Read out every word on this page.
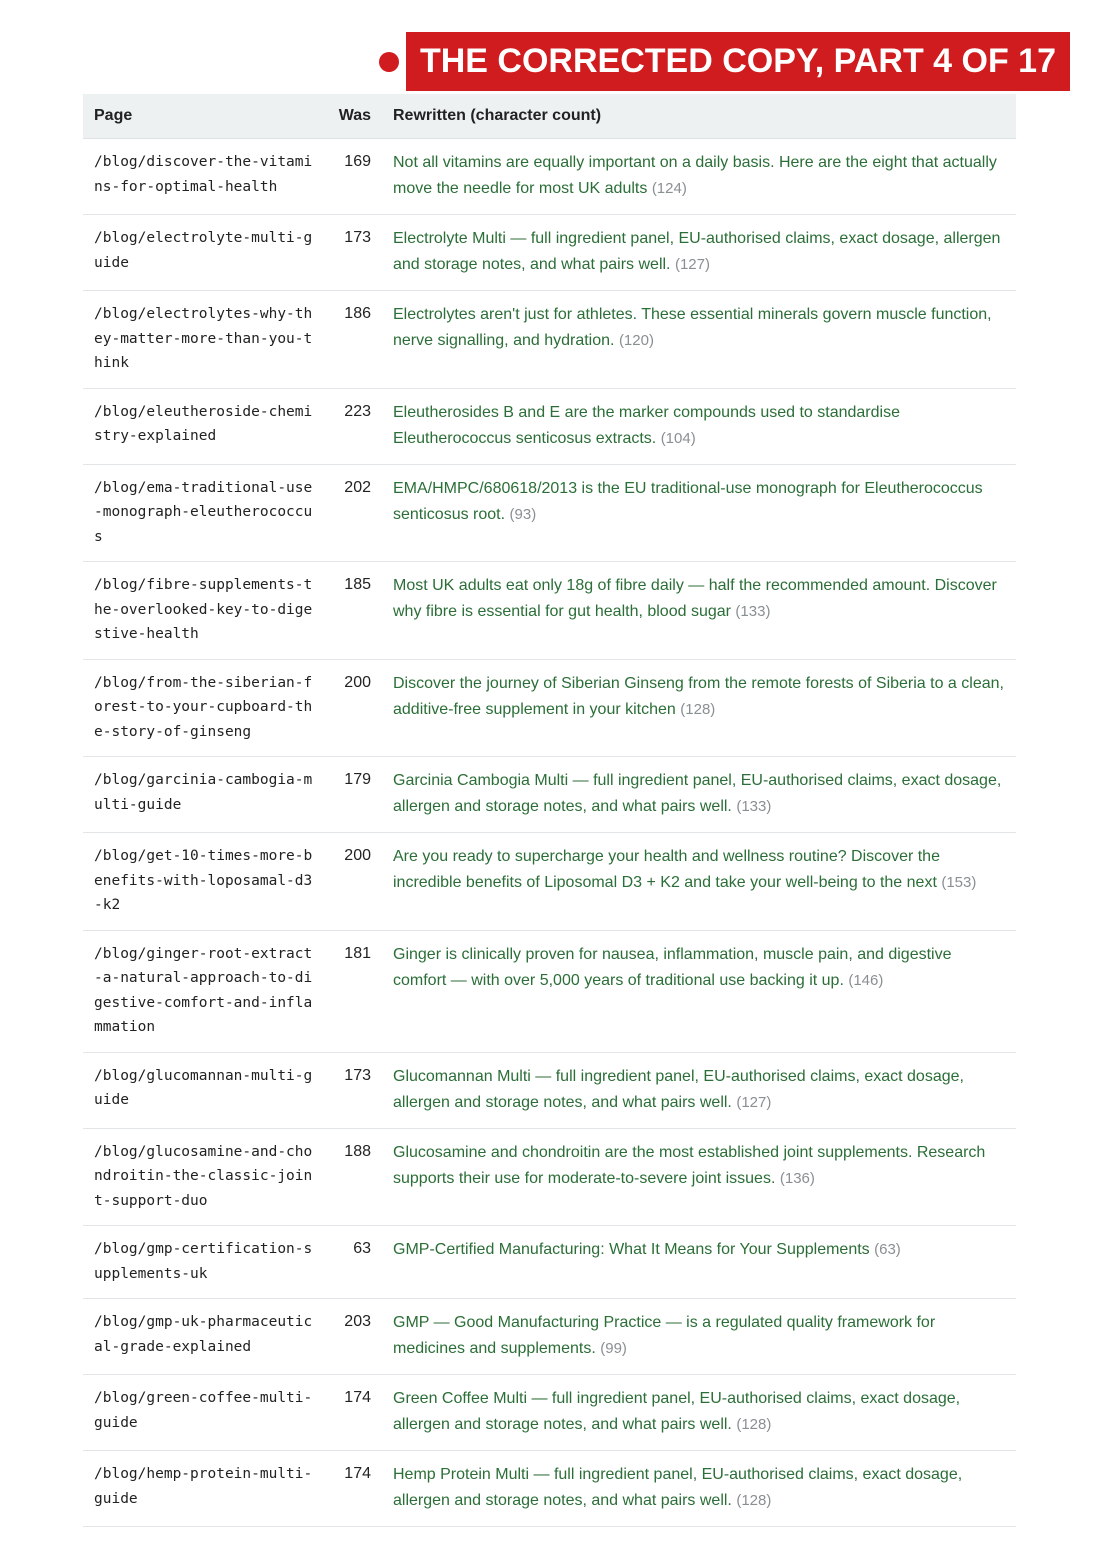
THE CORRECTED COPY, PART 4 OF 17
Page	Was	Rewritten (character count)
/blog/discover-the-vitamins-for-optimal-health	169	Not all vitamins are equally important on a daily basis. Here are the eight that actually move the needle for most UK adults (124)
/blog/electrolyte-multi-guide	173	Electrolyte Multi — full ingredient panel, EU-authorised claims, exact dosage, allergen and storage notes, and what pairs well. (127)
/blog/electrolytes-why-they-matter-more-than-you-think	186	Electrolytes aren't just for athletes. These essential minerals govern muscle function, nerve signalling, and hydration. (120)
/blog/eleutheroside-chemistry-explained	223	Eleutherosides B and E are the marker compounds used to standardise Eleutherococcus senticosus extracts. (104)
/blog/ema-traditional-use-monograph-eleutherococcus	202	EMA/HMPC/680618/2013 is the EU traditional-use monograph for Eleutherococcus senticosus root. (93)
/blog/fibre-supplements-the-overlooked-key-to-digestive-health	185	Most UK adults eat only 18g of fibre daily — half the recommended amount. Discover why fibre is essential for gut health, blood sugar (133)
/blog/from-the-siberian-forest-to-your-cupboard-the-story-of-ginseng	200	Discover the journey of Siberian Ginseng from the remote forests of Siberia to a clean, additive-free supplement in your kitchen (128)
/blog/garcinia-cambogia-multi-guide	179	Garcinia Cambogia Multi — full ingredient panel, EU-authorised claims, exact dosage, allergen and storage notes, and what pairs well. (133)
/blog/get-10-times-more-benefits-with-loposamal-d3-k2	200	Are you ready to supercharge your health and wellness routine? Discover the incredible benefits of Liposomal D3 + K2 and take your well-being to the next (153)
/blog/ginger-root-extract-a-natural-approach-to-digestive-comfort-and-inflammation	181	Ginger is clinically proven for nausea, inflammation, muscle pain, and digestive comfort — with over 5,000 years of traditional use backing it up. (146)
/blog/glucomannan-multi-guide	173	Glucomannan Multi — full ingredient panel, EU-authorised claims, exact dosage, allergen and storage notes, and what pairs well. (127)
/blog/glucosamine-and-chondroitin-the-classic-joint-support-duo	188	Glucosamine and chondroitin are the most established joint supplements. Research supports their use for moderate-to-severe joint issues. (136)
/blog/gmp-certification-supplements-uk	63	GMP-Certified Manufacturing: What It Means for Your Supplements (63)
/blog/gmp-uk-pharmaceutical-grade-explained	203	GMP — Good Manufacturing Practice — is a regulated quality framework for medicines and supplements. (99)
/blog/green-coffee-multi-guide	174	Green Coffee Multi — full ingredient panel, EU-authorised claims, exact dosage, allergen and storage notes, and what pairs well. (128)
/blog/hemp-protein-multi-guide	174	Hemp Protein Multi — full ingredient panel, EU-authorised claims, exact dosage, allergen and storage notes, and what pairs well. (128)
